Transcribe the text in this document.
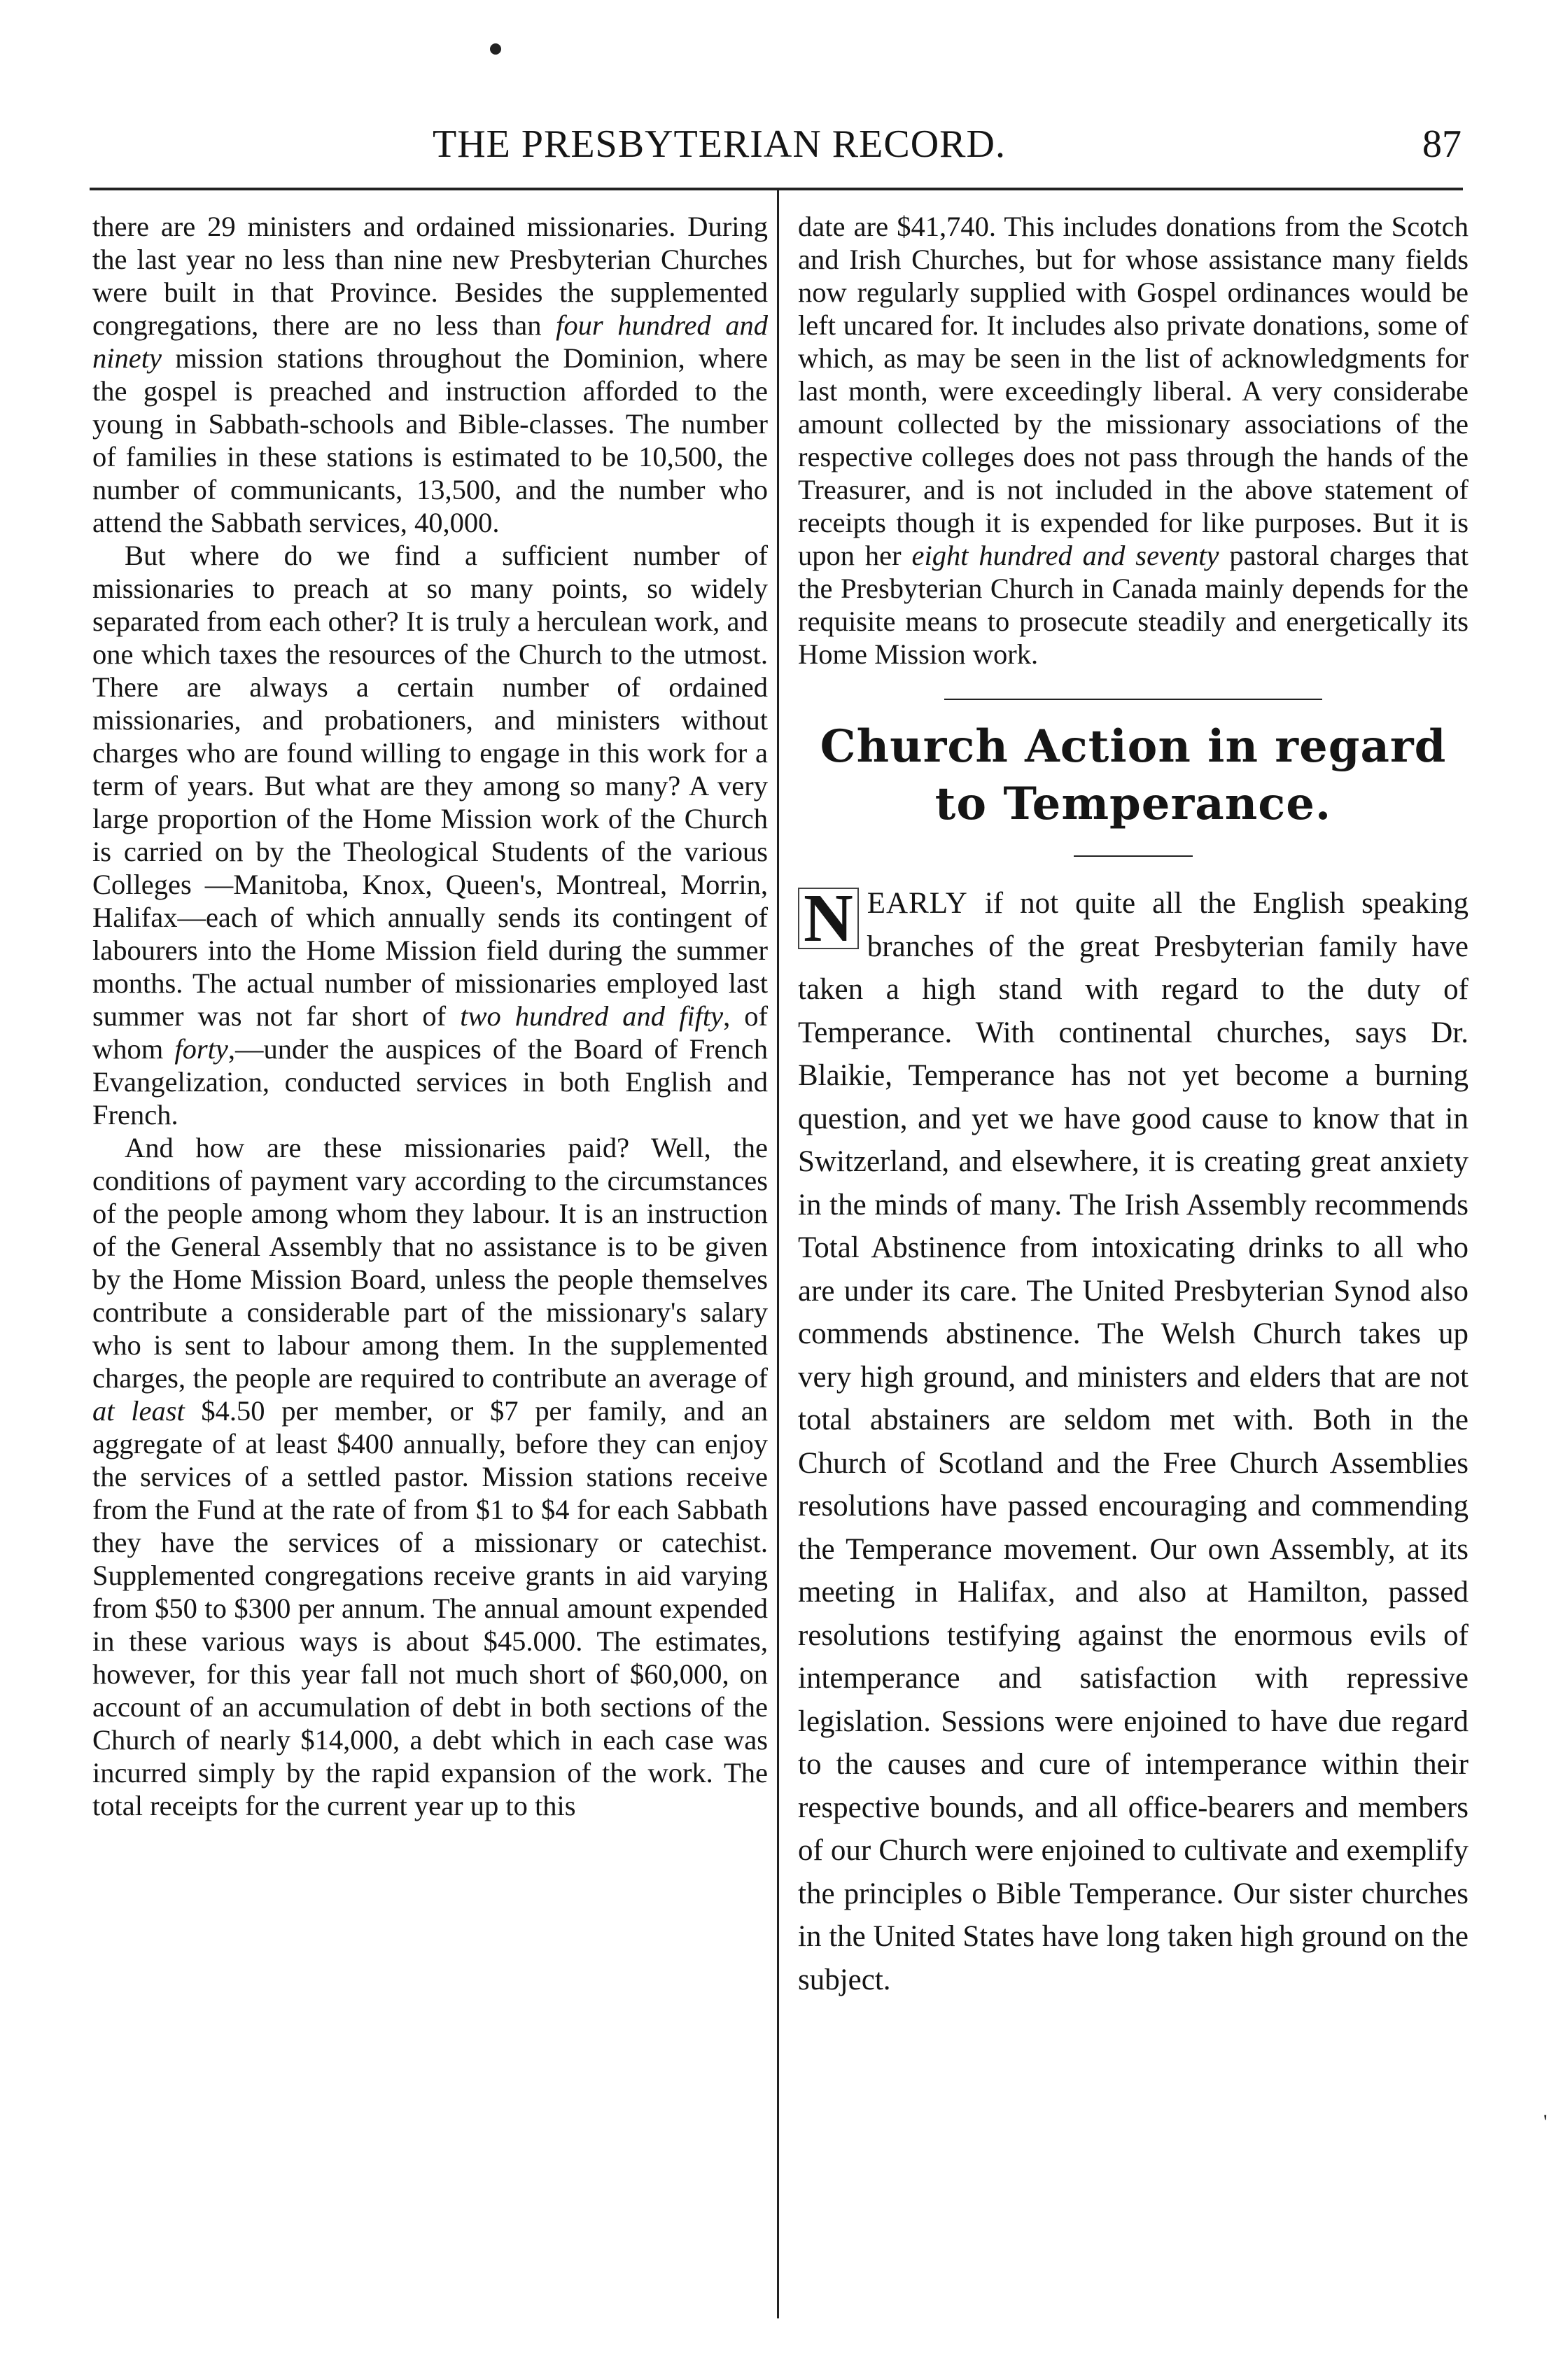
THE PRESBYTERIAN RECORD.	87

there are 29 ministers and ordained missionaries. During the last year no less than nine new Presbyterian Churches were built in that Province. Besides the supplemented congregations, there are no less than four hundred and ninety mission stations throughout the Dominion, where the gospel is preached and instruction afforded to the young in Sabbath-schools and Bible-classes. The number of families in these stations is estimated to be 10,500, the number of communicants, 13,500, and the number who attend the Sabbath services, 40,000.

But where do we find a sufficient number of missionaries to preach at so many points, so widely separated from each other? It is truly a herculean work, and one which taxes the resources of the Church to the utmost. There are always a certain number of ordained missionaries, and probationers, and ministers without charges who are found willing to engage in this work for a term of years. But what are they among so many? A very large proportion of the Home Mission work of the Church is carried on by the Theological Students of the various Colleges —Manitoba, Knox, Queen's, Montreal, Morrin, Halifax—each of which annually sends its contingent of labourers into the Home Mission field during the summer months. The actual number of missionaries employed last summer was not far short of two hundred and fifty, of whom forty,—under the auspices of the Board of French Evangelization, conducted services in both English and French.

And how are these missionaries paid? Well, the conditions of payment vary according to the circumstances of the people among whom they labour. It is an instruction of the General Assembly that no assistance is to be given by the Home Mission Board, unless the people themselves contribute a considerable part of the missionary's salary who is sent to labour among them. In the supplemented charges, the people are required to contribute an average of at least $4.50 per member, or $7 per family, and an aggregate of at least $400 annually, before they can enjoy the services of a settled pastor. Mission stations receive from the Fund at the rate of from $1 to $4 for each Sabbath they have the services of a missionary or catechist. Supplemented congregations receive grants in aid varying from $50 to $300 per annum. The annual amount expended in these various ways is about $45.000. The estimates, however, for this year fall not much short of $60,000, on account of an accumulation of debt in both sections of the Church of nearly $14,000, a debt which in each case was incurred simply by the rapid expansion of the work. The total receipts for the current year up to this

date are $41,740. This includes donations from the Scotch and Irish Churches, but for whose assistance many fields now regularly supplied with Gospel ordinances would be left uncared for. It includes also private donations, some of which, as may be seen in the list of acknowledgments for last month, were exceedingly liberal. A very considerabe amount collected by the missionary associations of the respective colleges does not pass through the hands of the Treasurer, and is not included in the above statement of receipts though it is expended for like purposes. But it is upon her eight hundred and seventy pastoral charges that the Presbyterian Church in Canada mainly depends for the requisite means to prosecute steadily and energetically its Home Mission work.

Church Action in regard to Temperance.

N EARLY if not quite all the English speaking branches of the great Presbyterian family have taken a high stand with regard to the duty of Temperance. With continental churches, says Dr. Blaikie, Temperance has not yet become a burning question, and yet we have good cause to know that in Switzerland, and elsewhere, it is creating great anxiety in the minds of many. The Irish Assembly recommends Total Abstinence from intoxicating drinks to all who are under its care. The United Presbyterian Synod also commends abstinence. The Welsh Church takes up very high ground, and ministers and elders that are not total abstainers are seldom met with. Both in the Church of Scotland and the Free Church Assemblies resolutions have passed encouraging and commending the Temperance movement. Our own Assembly, at its meeting in Halifax, and also at Hamilton, passed resolutions testifying against the enormous evils of intemperance and satisfaction with repressive legislation. Sessions were enjoined to have due regard to the causes and cure of intemperance within their respective bounds, and all office-bearers and members of our Church were enjoined to cultivate and exemplify the principles o Bible Temperance. Our sister churches in the United States have long taken high ground on the subject.

'
